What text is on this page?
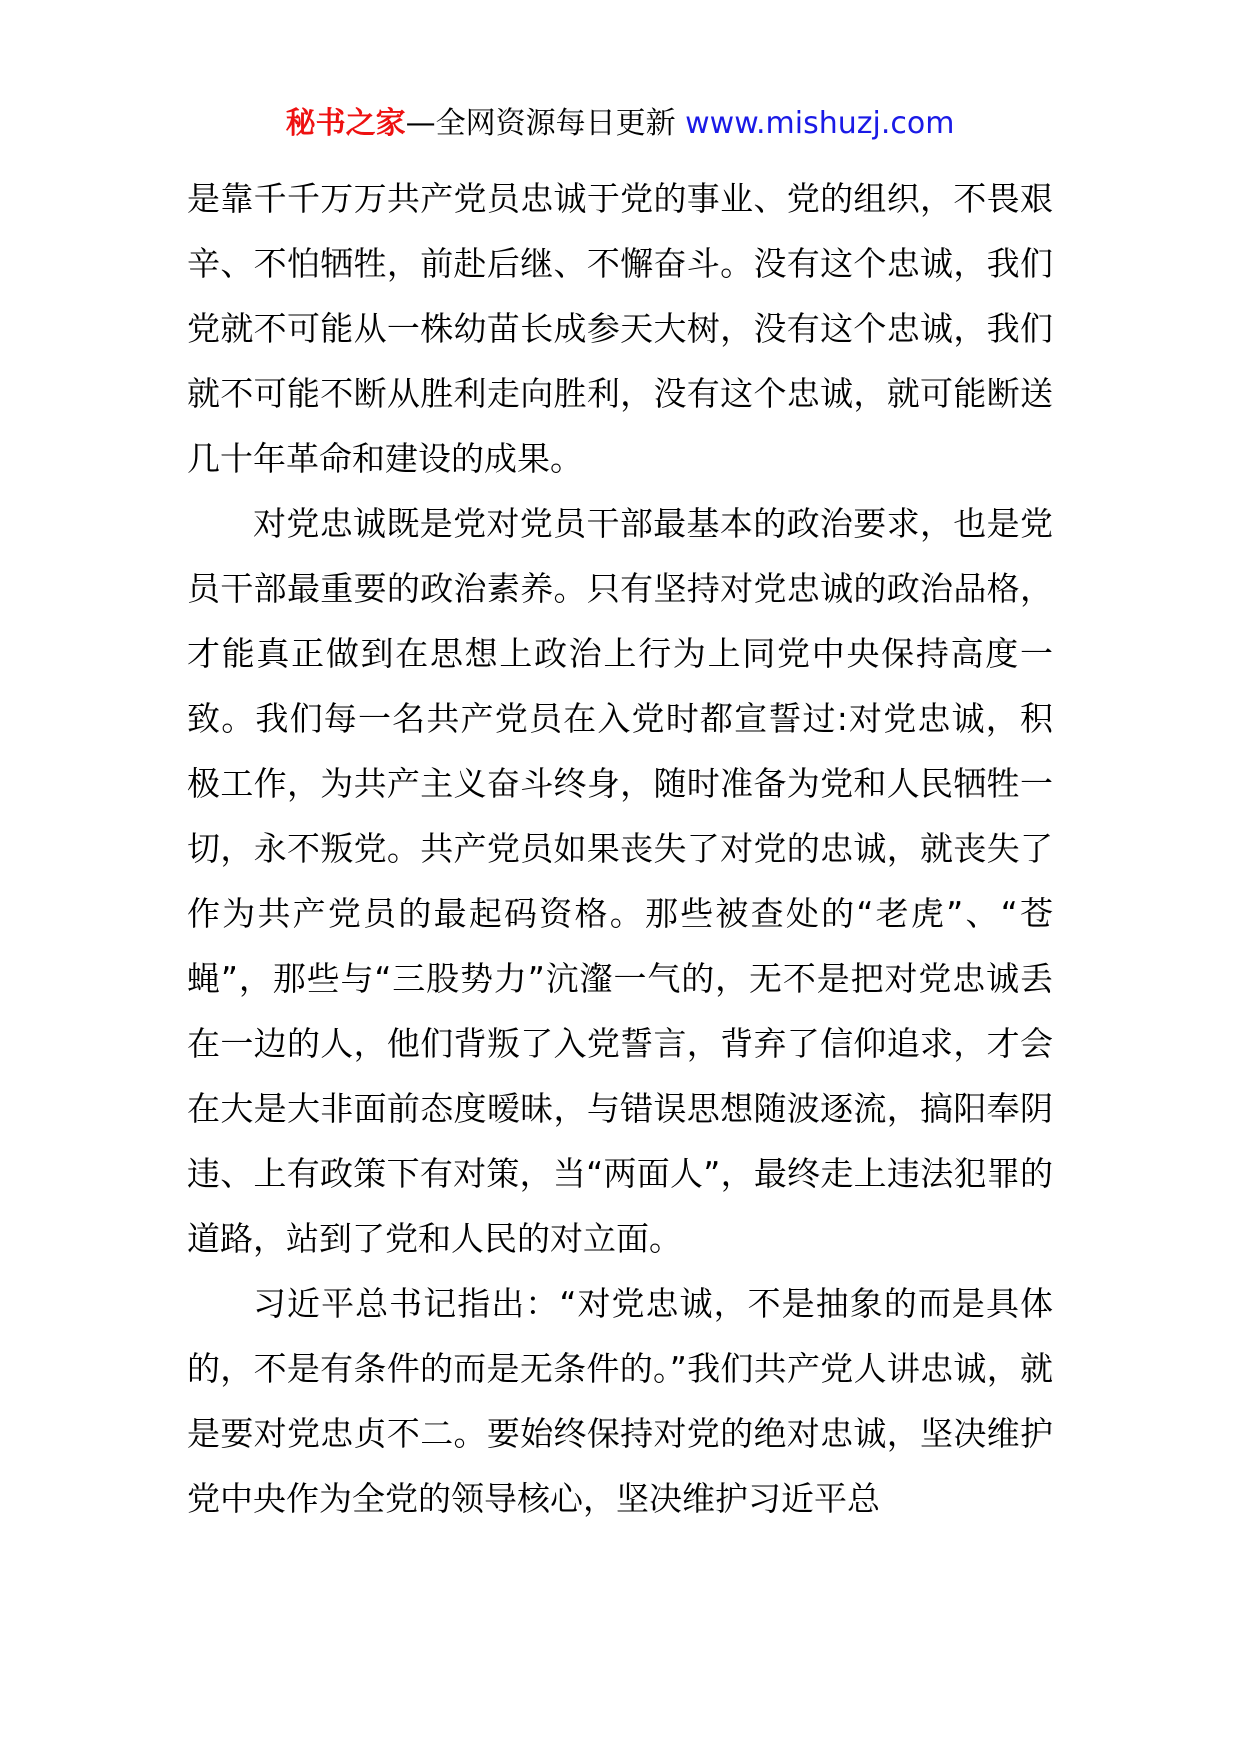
秘书之家—全网资源每日更新 www.mishuzj.com

是靠千千万万共产党员忠诚于党的事业、党的组织，不畏艰辛、不怕牺牲，前赴后继、不懈奋斗。没有这个忠诚，我们党就不可能从一株幼苗长成参天大树，没有这个忠诚，我们就不可能不断从胜利走向胜利，没有这个忠诚，就可能断送几十年革命和建设的成果。

对党忠诚既是党对党员干部最基本的政治要求，也是党员干部最重要的政治素养。只有坚持对党忠诚的政治品格，才能真正做到在思想上政治上行为上同党中央保持高度一致。我们每一名共产党员在入党时都宣誓过:对党忠诚，积极工作，为共产主义奋斗终身，随时准备为党和人民牺牲一切，永不叛党。共产党员如果丧失了对党的忠诚，就丧失了作为共产党员的最起码资格。那些被查处的“老虎”、“苍蝇”，那些与“三股势力”沆瀣一气的，无不是把对党忠诚丢在一边的人，他们背叛了入党誓言，背弃了信仰追求，才会在大是大非面前态度暧昧，与错误思想随波逐流，搞阳奉阴违、上有政策下有对策，当“两面人”，最终走上违法犯罪的道路，站到了党和人民的对立面。

习近平总书记指出：“对党忠诚，不是抽象的而是具体的，不是有条件的而是无条件的。”我们共产党人讲忠诚，就是要对党忠贞不二。要始终保持对党的绝对忠诚，坚决维护党中央作为全党的领导核心，坚决维护习近平总
